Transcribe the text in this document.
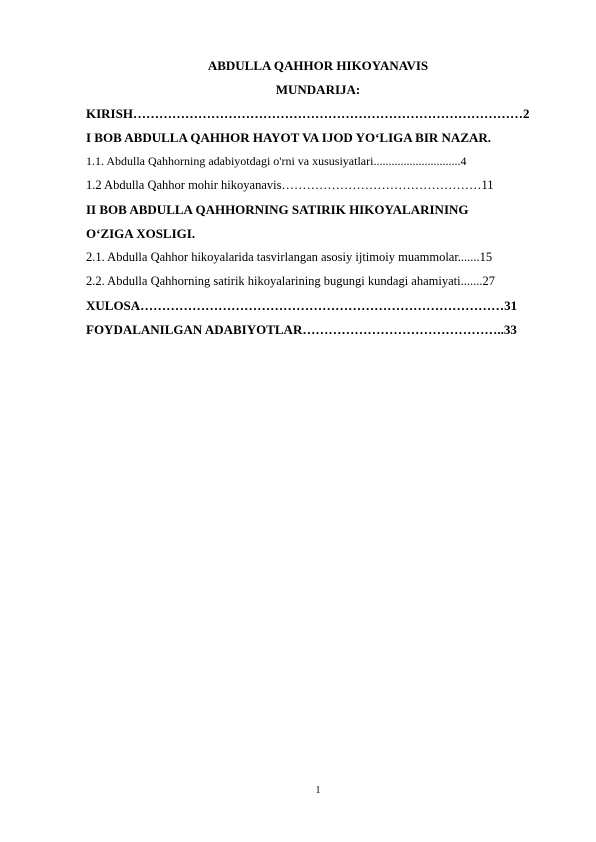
ABDULLA QAHHOR HIKOYANAVIS
MUNDARIJA:
KIRISH………………………………………………………………………………2
I BOB ABDULLA QAHHOR HAYOT VA IJOD YO‘LIGA BIR NAZAR.
1.1. Abdulla Qahhorning adabiyotdagi o'rni va xususiyatlari.............................4
1.2 Abdulla Qahhor mohir hikoyanavis…………………………………………11
II BOB ABDULLA QAHHORNING SATIRIK HIKOYALARINING
O‘ZIGA XOSLIGI.
2.1. Abdulla Qahhor hikoyalarida tasvirlangan asosiy ijtimoiy muammolar.......15
2.2. Abdulla Qahhorning satirik hikoyalarining bugungi kundagi ahamiyati.......27
XULOSA…………………………………………………………………………31
FOYDALANILGAN ADABIYOTLAR………………………………………..33
1
